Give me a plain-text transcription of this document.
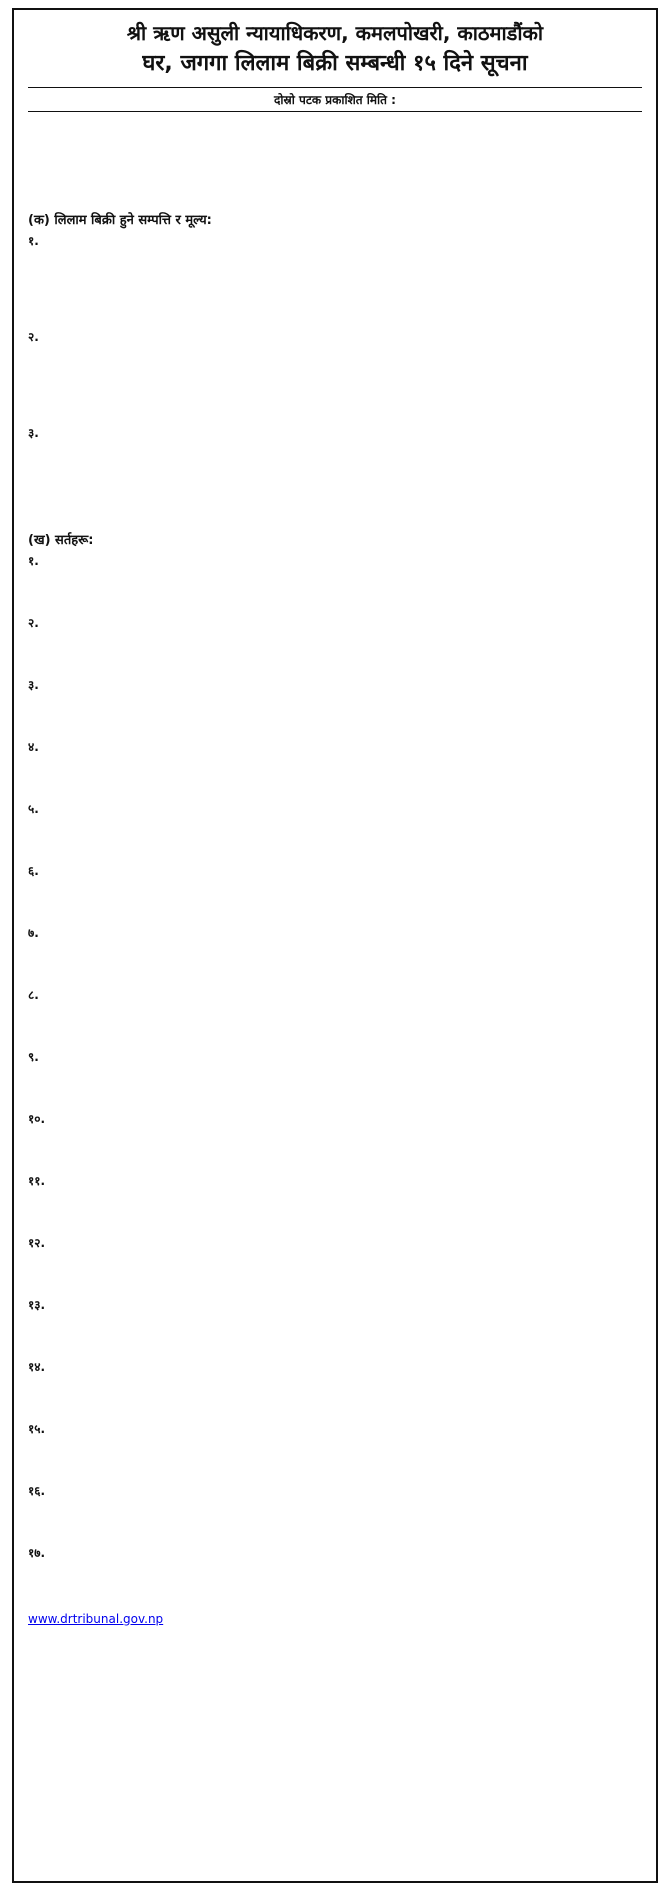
श्री ऋण असुली न्यायाधिकरण, कमलपोखरी, काठमाडौंको
घर, जगगा लिलाम बिक्री सम्बन्धी १५ दिने सूचना
दोस्रो पटक प्रकाशित मिति :
(क) लिलाम बिक्री हुने सम्पत्ति र मूल्य:
१.
२.
३.
(ख) सर्तहरू:
१.
२.
३.
४.
५.
६.
७.
८.
९.
१०.
११.
१२.
१३.
१४.
१५.
१६.
१७.
www.drtribunal.gov.np
